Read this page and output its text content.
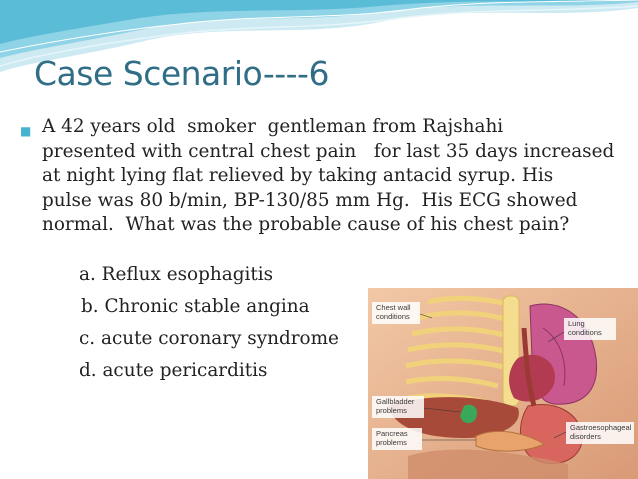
Case Scenario----6
■ A 42 years old  smoker  gentleman from Rajshahi
presented with central chest pain   for last 35 days increased
at night lying flat relieved by taking antacid syrup. His
pulse was 80 b/min, BP-130/85 mm Hg.  His ECG showed
normal.  What was the probable cause of his chest pain?
a. Reflux esophagitis
b. Chronic stable angina
c. acute coronary syndrome
d. acute pericarditis
Chest wall
conditions
Lung
conditions
Gallbladder
problems
Pancreas
problems
Gastroesophageal
disorders
